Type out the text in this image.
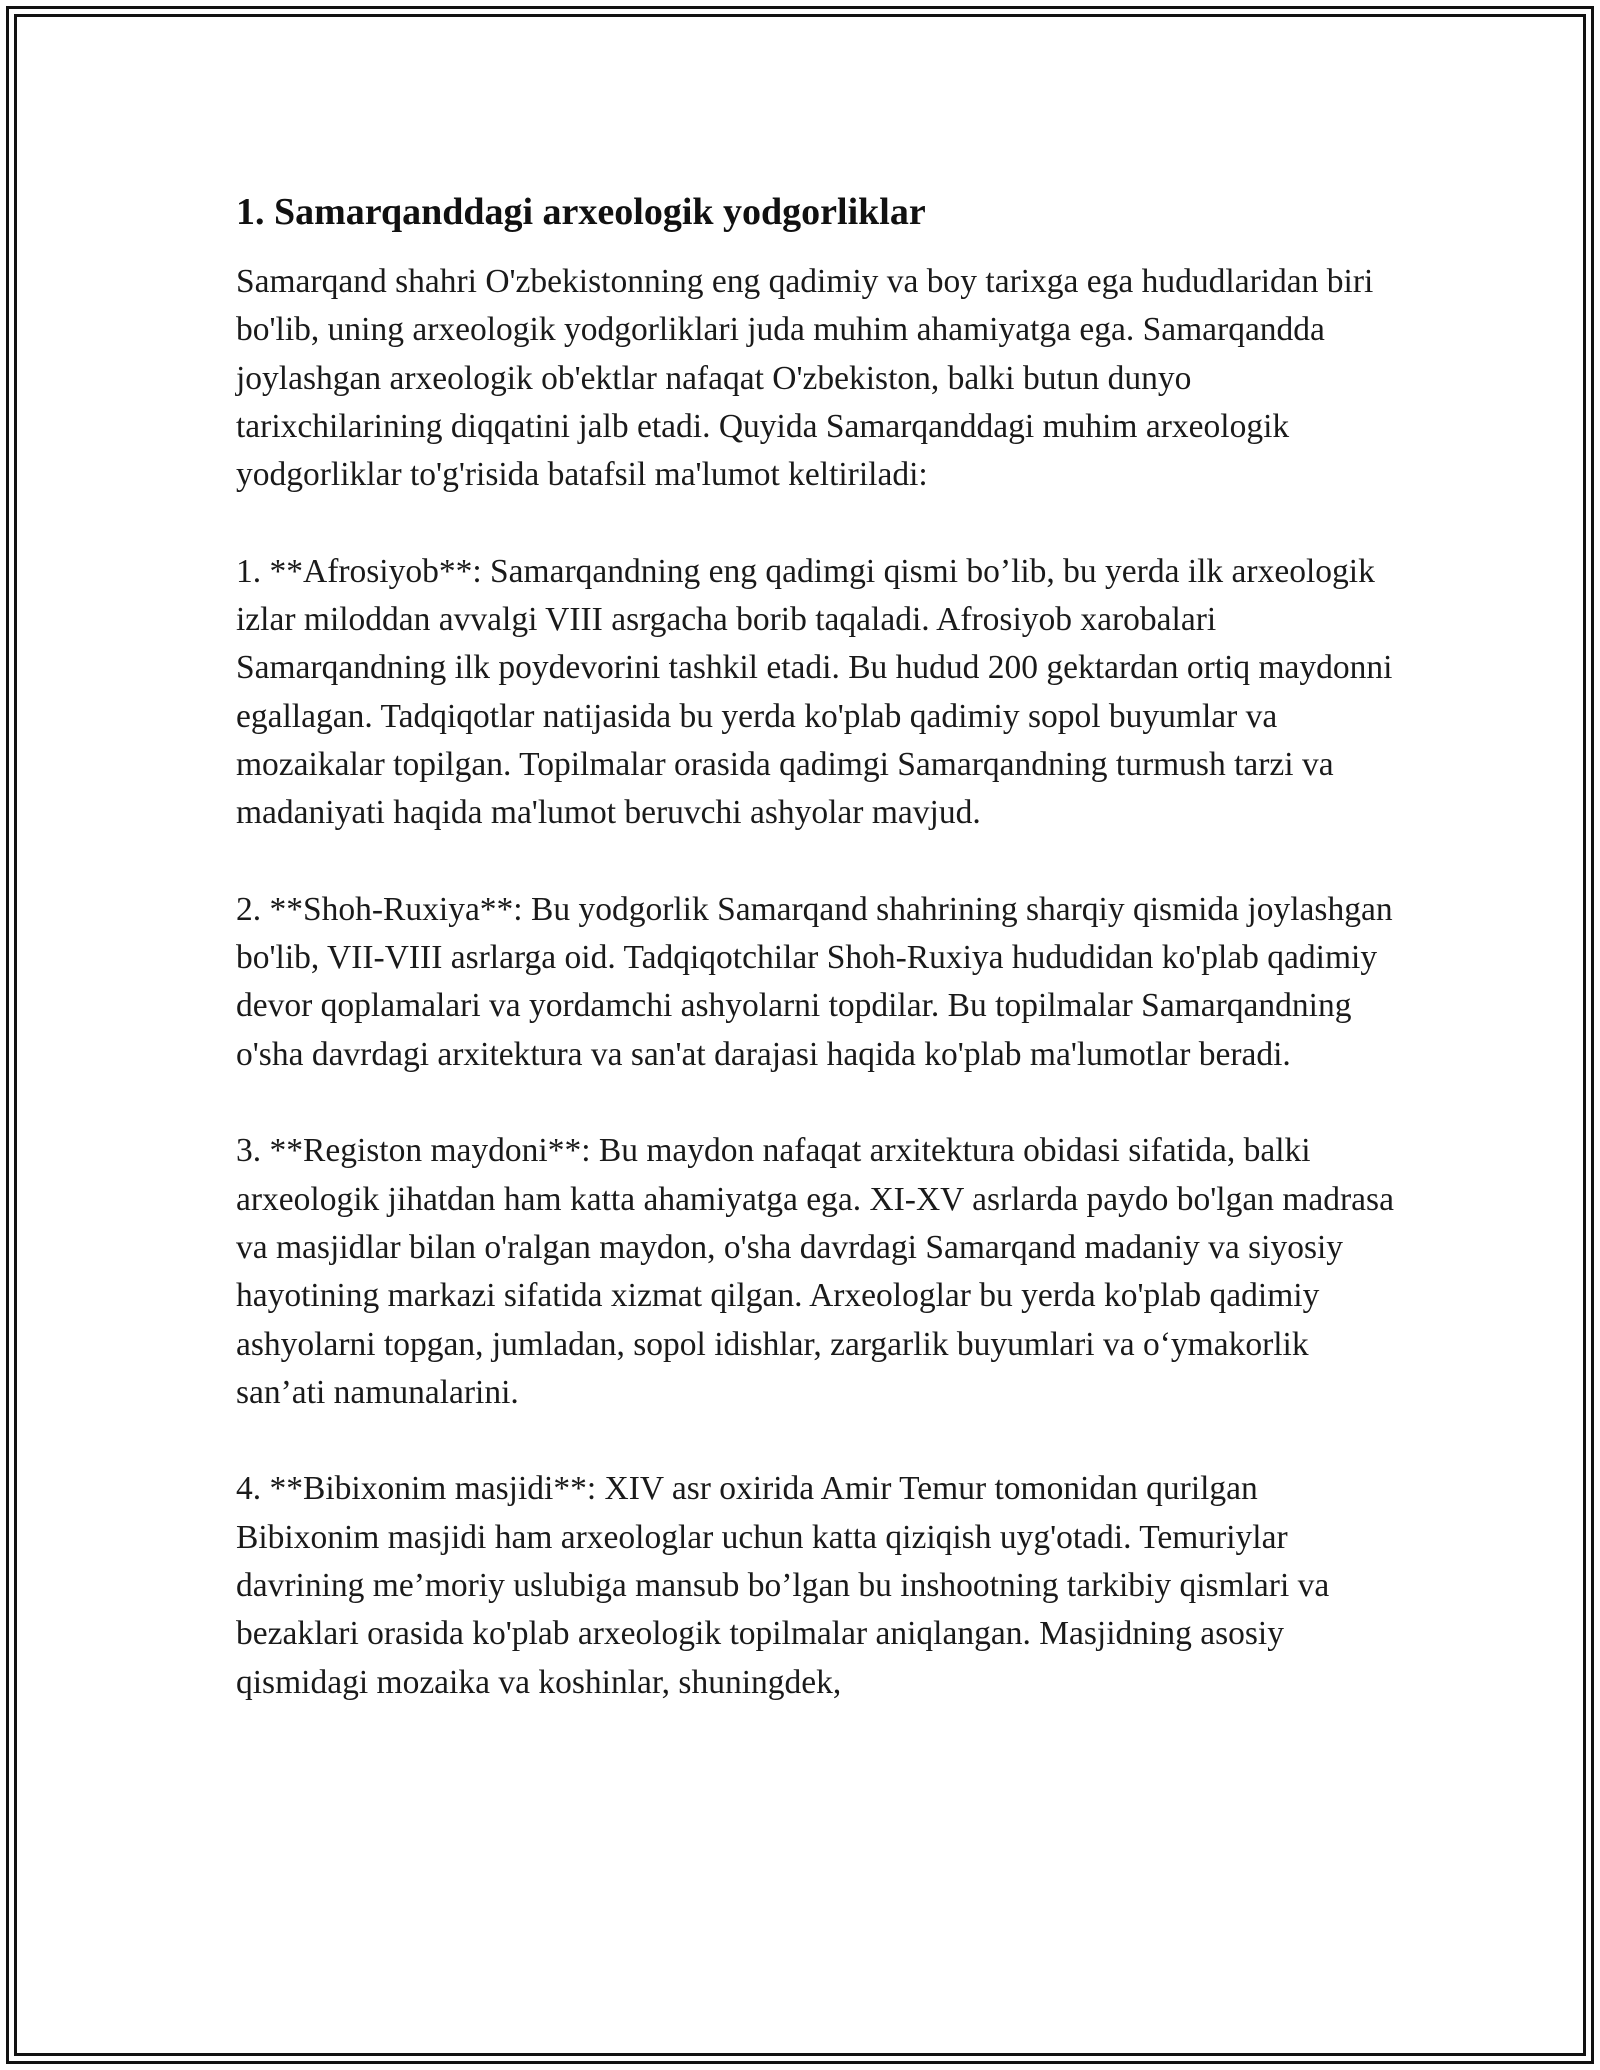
1. Samarqanddagi arxeologik yodgorliklar

Samarqand shahri O'zbekistonning eng qadimiy va boy tarixga ega hududlaridan biri bo'lib, uning arxeologik yodgorliklari juda muhim ahamiyatga ega. Samarqandda joylashgan arxeologik ob'ektlar nafaqat O'zbekiston, balki butun dunyo tarixchilarining diqqatini jalb etadi. Quyida Samarqanddagi muhim arxeologik yodgorliklar to'g'risida batafsil ma'lumot keltiriladi:

1. **Afrosiyob**: Samarqandning eng qadimgi qismi bo’lib, bu yerda ilk arxeologik izlar miloddan avvalgi VIII asrgacha borib taqaladi. Afrosiyob xarobalari Samarqandning ilk poydevorini tashkil etadi. Bu hudud 200 gektardan ortiq maydonni egallagan. Tadqiqotlar natijasida bu yerda ko'plab qadimiy sopol buyumlar va mozaikalar topilgan. Topilmalar orasida qadimgi Samarqandning turmush tarzi va madaniyati haqida ma'lumot beruvchi ashyolar mavjud.

2. **Shoh-Ruxiya**: Bu yodgorlik Samarqand shahrining sharqiy qismida joylashgan bo'lib, VII-VIII asrlarga oid. Tadqiqotchilar Shoh-Ruxiya hududidan ko'plab qadimiy devor qoplamalari va yordamchi ashyolarni topdilar. Bu topilmalar Samarqandning o'sha davrdagi arxitektura va san'at darajasi haqida ko'plab ma'lumotlar beradi.

3. **Registon maydoni**: Bu maydon nafaqat arxitektura obidasi sifatida, balki arxeologik jihatdan ham katta ahamiyatga ega. XI-XV asrlarda paydo bo'lgan madrasa va masjidlar bilan o'ralgan maydon, o'sha davrdagi Samarqand madaniy va siyosiy hayotining markazi sifatida xizmat qilgan. Arxeologlar bu yerda ko'plab qadimiy ashyolarni topgan, jumladan, sopol idishlar, zargarlik buyumlari va o‘ymakorlik san’ati namunalarini.

4. **Bibixonim masjidi**: XIV asr oxirida Amir Temur tomonidan qurilgan Bibixonim masjidi ham arxeologlar uchun katta qiziqish uyg'otadi. Temuriylar davrining me’moriy uslubiga mansub bo’lgan bu inshootning tarkibiy qismlari va bezaklari orasida ko'plab arxeologik topilmalar aniqlangan. Masjidning asosiy qismidagi mozaika va koshinlar, shuningdek,
